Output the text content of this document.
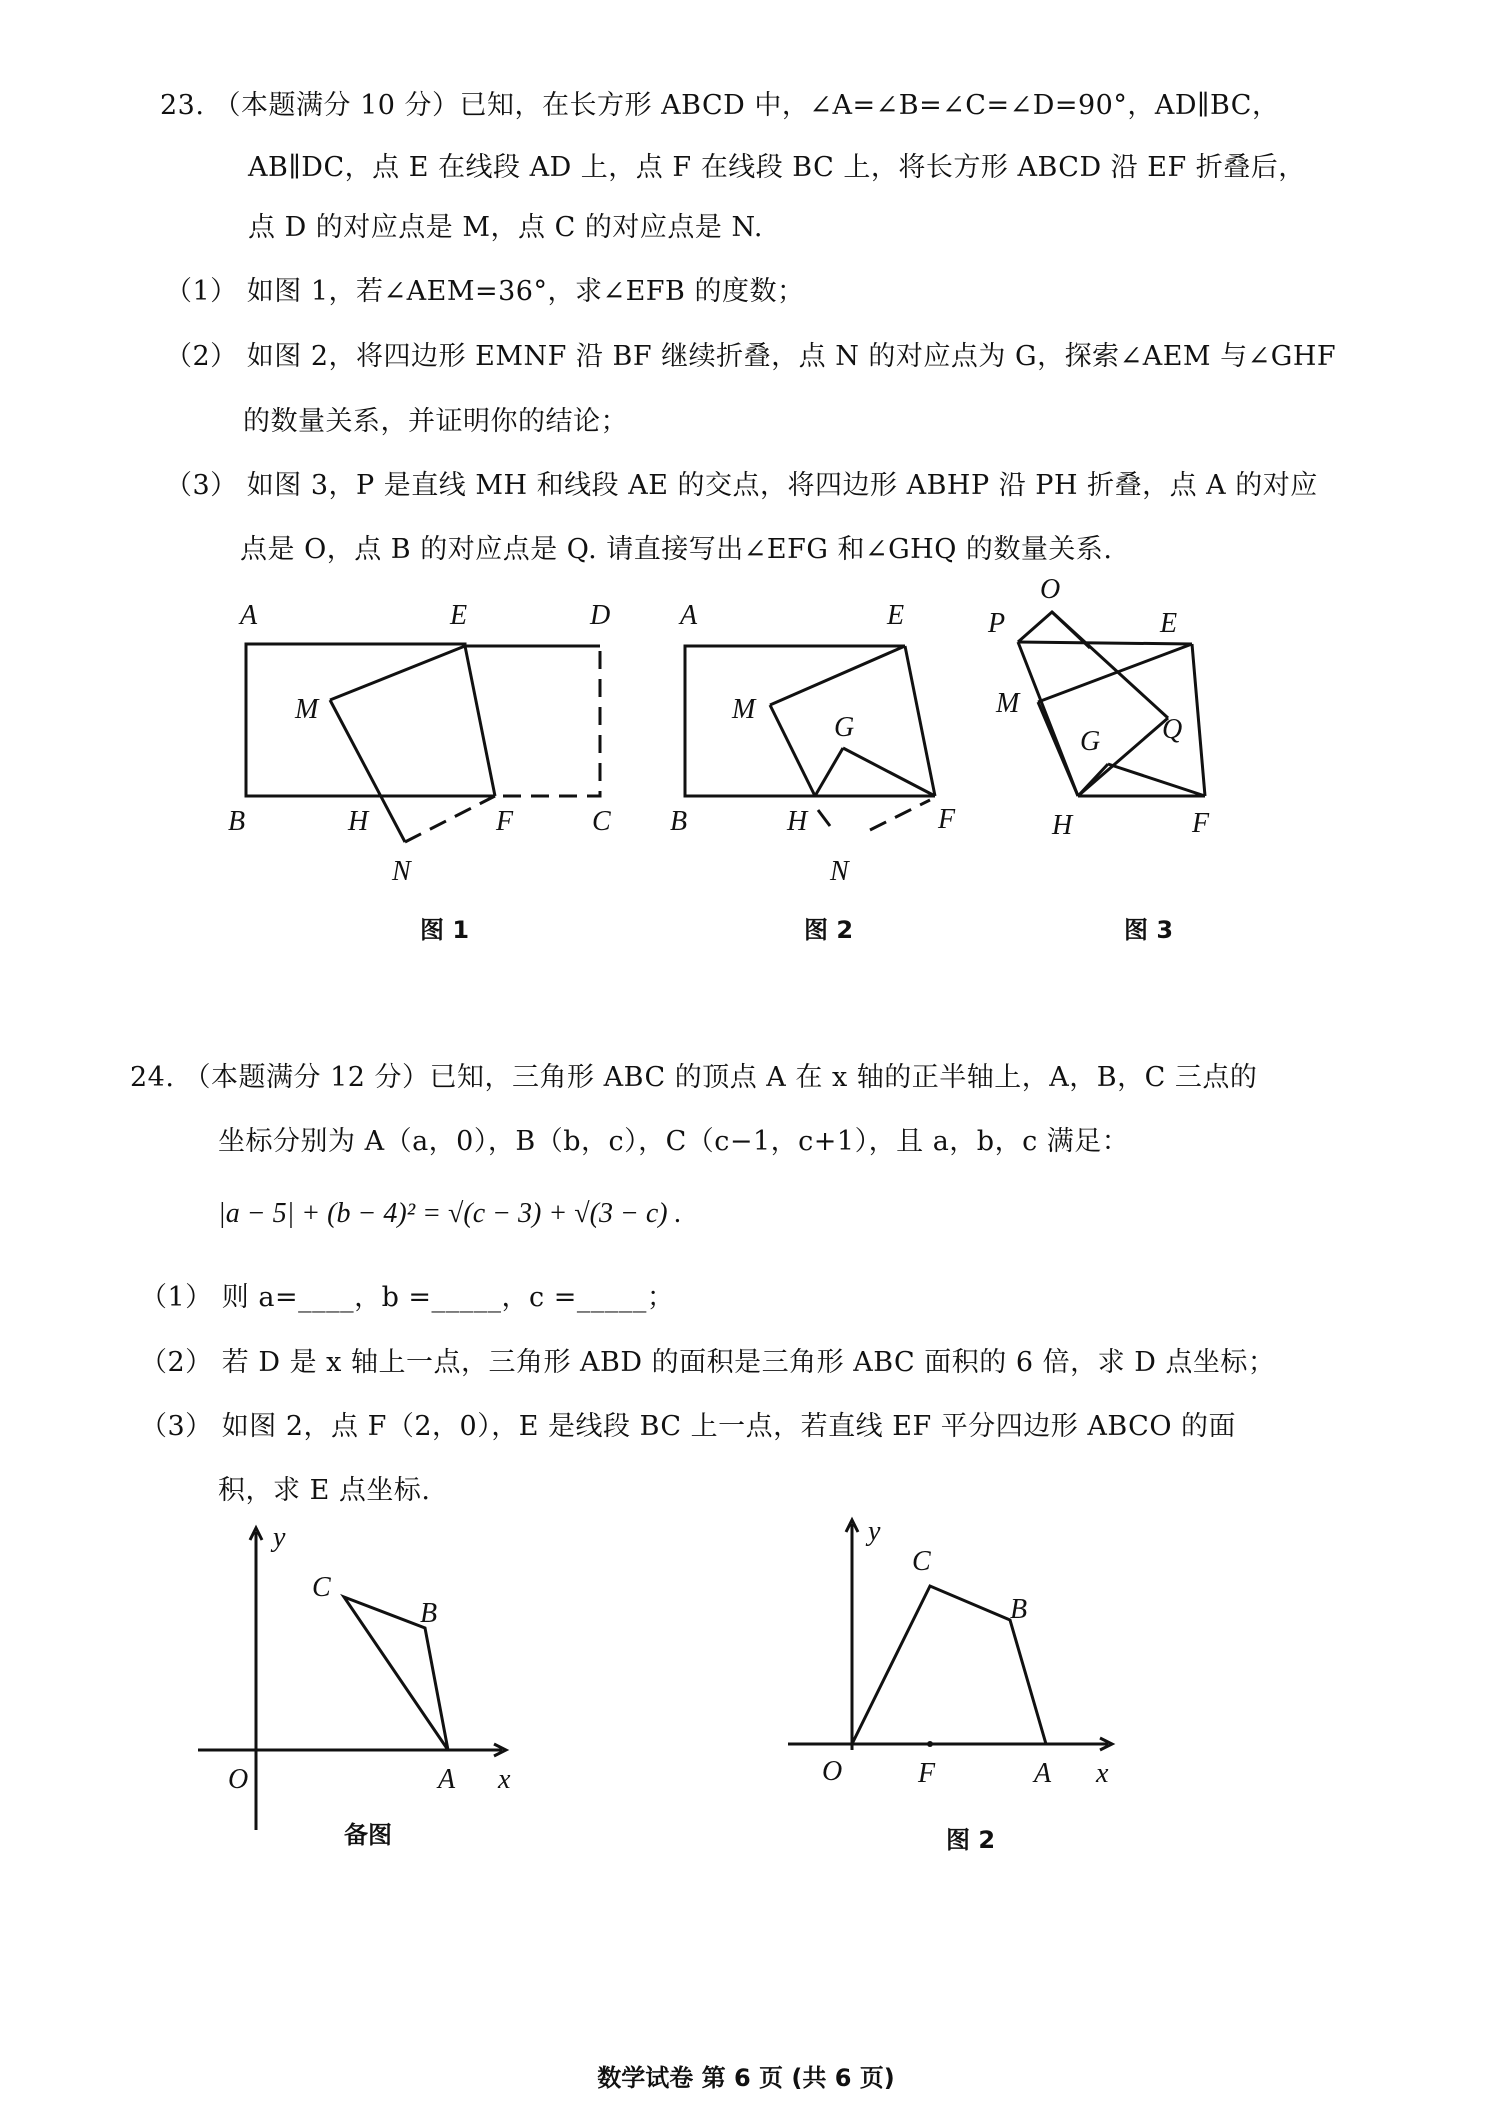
23. （本题满分 10 分）已知，在长方形 ABCD 中，∠A=∠B=∠C=∠D=90°，AD∥BC，
AB∥DC，点 E 在线段 AD 上，点 F 在线段 BC 上，将长方形 ABCD 沿 EF 折叠后，
点 D 的对应点是 M，点 C 的对应点是 N.
（1） 如图 1，若∠AEM=36°，求∠EFB 的度数；
（2） 如图 2，将四边形 EMNF 沿 BF 继续折叠，点 N 的对应点为 G，探索∠AEM 与∠GHF
的数量关系，并证明你的结论；
（3） 如图 3，P 是直线 MH 和线段 AE 的交点，将四边形 ABHP 沿 PH 折叠，点 A 的对应
点是 O，点 B 的对应点是 Q. 请直接写出∠EFG 和∠GHQ 的数量关系.
A	E	D
M
B	H	F	C
N
图 1
A	E
M
G
B	H	F
N
图 2
O
P	E
M
G Q
H	F
图 3
24. （本题满分 12 分）已知，三角形 ABC 的顶点 A 在 x 轴的正半轴上，A，B，C 三点的
坐标分别为 A（a，0），B（b，c），C（c−1，c+1），且 a，b，c 满足：
|a − 5| + (b − 4)² = √(c − 3) + √(3 − c) .
（1） 则 a=____，b =_____，c =_____；
（2） 若 D 是 x 轴上一点，三角形 ABD 的面积是三角形 ABC 面积的 6 倍，求 D 点坐标；
（3） 如图 2，点 F（2，0），E 是线段 BC 上一点，若直线 EF 平分四边形 ABCO 的面
积，求 E 点坐标.
y
C
B
O	A x
备图
y
C
B
O	F	A x
图 2
数学试卷 第 6 页 (共 6 页)
